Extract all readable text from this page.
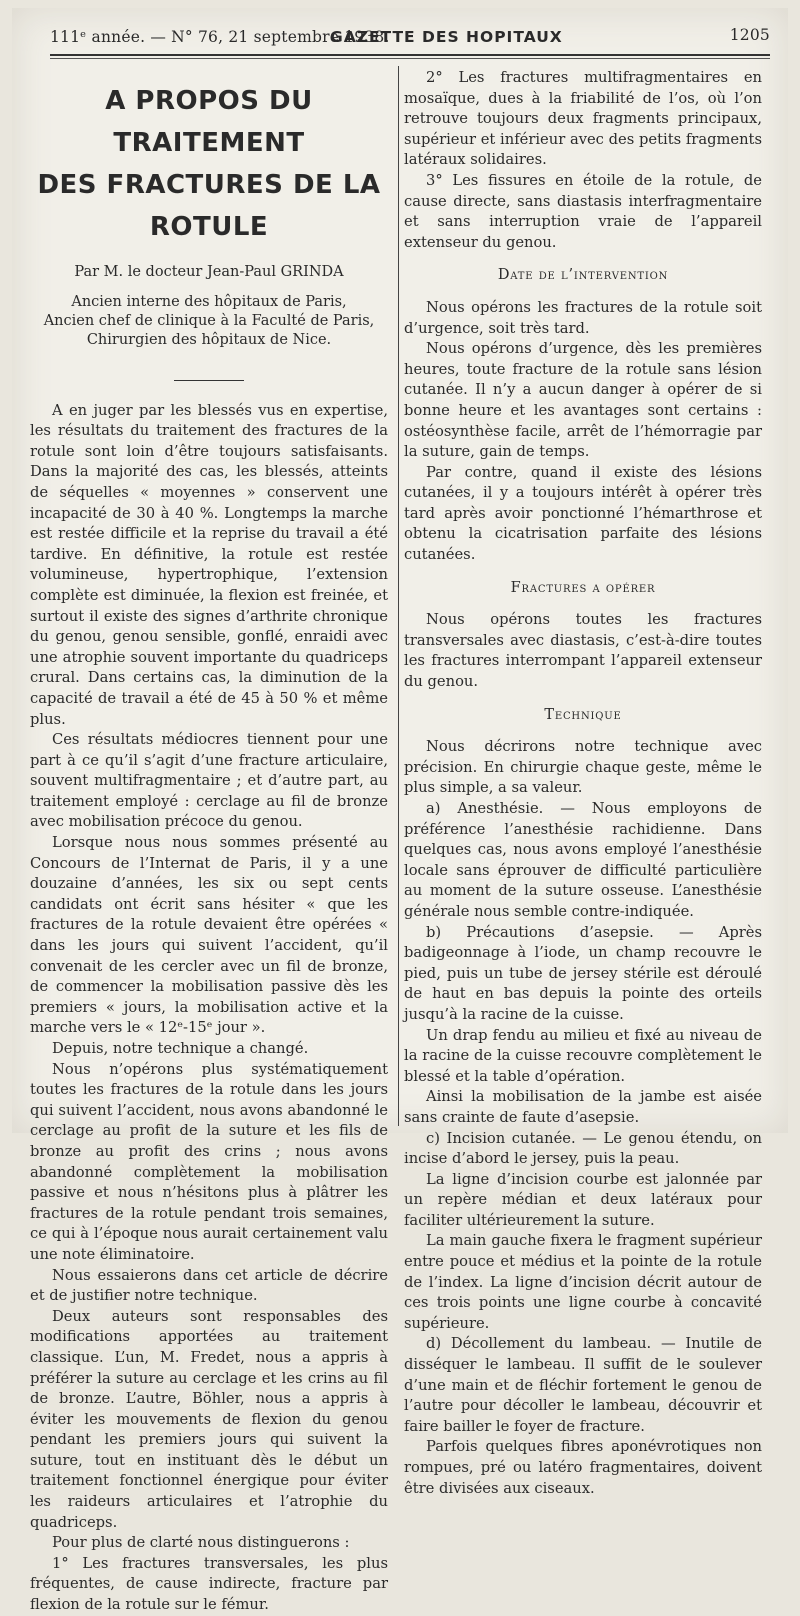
111ᵉ année. — N° 76, 21 septembre 1938.
GAZETTE DES HOPITAUX	1205
A PROPOS DU TRAITEMENT
DES FRACTURES DE LA ROTULE
Par M. le docteur Jean-Paul GRINDA
Ancien interne des hôpitaux de Paris,
Ancien chef de clinique à la Faculté de Paris,
Chirurgien des hôpitaux de Nice.

A en juger par les blessés vus en expertise, les résultats du traitement des fractures de la rotule sont loin d’être toujours satisfaisants. Dans la majorité des cas, les blessés, atteints de séquelles « moyennes » conservent une incapacité de 30 à 40 %. Longtemps la marche est restée difficile et la reprise du travail a été tardive. En définitive, la rotule est restée volumineuse, hypertrophique, l’extension complète est diminuée, la flexion est freinée, et surtout il existe des signes d’arthrite chronique du genou, genou sensible, gonflé, enraidi avec une atrophie souvent importante du quadriceps crural. Dans certains cas, la diminution de la capacité de travail a été de 45 à 50 % et même plus.

Ces résultats médiocres tiennent pour une part à ce qu’il s’agit d’une fracture articulaire, souvent multifragmentaire ; et d’autre part, au traitement employé : cerclage au fil de bronze avec mobilisation précoce du genou.

Lorsque nous nous sommes présenté au Concours de l’Internat de Paris, il y a une douzaine d’années, les six ou sept cents candidats ont écrit sans hésiter « que les fractures de la rotule devaient être opérées « dans les jours qui suivent l’accident, qu’il convenait de les cercler avec un fil de bronze, de commencer la mobilisation passive dès les premiers « jours, la mobilisation active et la marche vers le « 12ᵉ-15ᵉ jour ».

Depuis, notre technique a changé.

Nous n’opérons plus systématiquement toutes les fractures de la rotule dans les jours qui suivent l’accident, nous avons abandonné le cerclage au profit de la suture et les fils de bronze au profit des crins ; nous avons abandonné complètement la mobilisation passive et nous n’hésitons plus à plâtrer les fractures de la rotule pendant trois semaines, ce qui à l’époque nous aurait certainement valu une note éliminatoire.

Nous essaierons dans cet article de décrire et de justifier notre technique.

Deux auteurs sont responsables des modifications apportées au traitement classique. L’un, M. Fredet, nous a appris à préférer la suture au cerclage et les crins au fil de bronze. L’autre, Böhler, nous a appris à éviter les mouvements de flexion du genou pendant les premiers jours qui suivent la suture, tout en instituant dès le début un traitement fonctionnel énergique pour éviter les raideurs articulaires et l’atrophie du quadriceps.

Pour plus de clarté nous distinguerons :

1° Les fractures transversales, les plus fréquentes, de cause indirecte, fracture par flexion de la rotule sur le fémur.

2° Les fractures multifragmentaires en mosaïque, dues à la friabilité de l’os, où l’on retrouve toujours deux fragments principaux, supérieur et inférieur avec des petits fragments latéraux solidaires.

3° Les fissures en étoile de la rotule, de cause directe, sans diastasis interfragmentaire et sans interruption vraie de l’appareil extenseur du genou.

Date de l’intervention

Nous opérons les fractures de la rotule soit d’urgence, soit très tard.

Nous opérons d’urgence, dès les premières heures, toute fracture de la rotule sans lésion cutanée. Il n’y a aucun danger à opérer de si bonne heure et les avantages sont certains : ostéosynthèse facile, arrêt de l’hémorragie par la suture, gain de temps.

Par contre, quand il existe des lésions cutanées, il y a toujours intérêt à opérer très tard après avoir ponctionné l’hémarthrose et obtenu la cicatrisation parfaite des lésions cutanées.

Fractures a opérer

Nous opérons toutes les fractures transversales avec diastasis, c’est-à-dire toutes les fractures interrompant l’appareil extenseur du genou.

Technique

Nous décrirons notre technique avec précision. En chirurgie chaque geste, même le plus simple, a sa valeur.

a) Anesthésie. — Nous employons de préférence l’anesthésie rachidienne. Dans quelques cas, nous avons employé l’anesthésie locale sans éprouver de difficulté particulière au moment de la suture osseuse. L’anesthésie générale nous semble contre-indiquée.

b) Précautions d’asepsie. — Après badigeonnage à l’iode, un champ recouvre le pied, puis un tube de jersey stérile est déroulé de haut en bas depuis la pointe des orteils jusqu’à la racine de la cuisse.

Un drap fendu au milieu et fixé au niveau de la racine de la cuisse recouvre complètement le blessé et la table d’opération.

Ainsi la mobilisation de la jambe est aisée sans crainte de faute d’asepsie.

c) Incision cutanée. — Le genou étendu, on incise d’abord le jersey, puis la peau.

La ligne d’incision courbe est jalonnée par un repère médian et deux latéraux pour faciliter ultérieurement la suture.

La main gauche fixera le fragment supérieur entre pouce et médius et la pointe de la rotule de l’index. La ligne d’incision décrit autour de ces trois points une ligne courbe à concavité supérieure.

d) Décollement du lambeau. — Inutile de disséquer le lambeau. Il suffit de le soulever d’une main et de fléchir fortement le genou de l’autre pour décoller le lambeau, découvrir et faire bailler le foyer de fracture.

Parfois quelques fibres aponévrotiques non rompues, pré ou latéro fragmentaires, doivent être divisées aux ciseaux.
